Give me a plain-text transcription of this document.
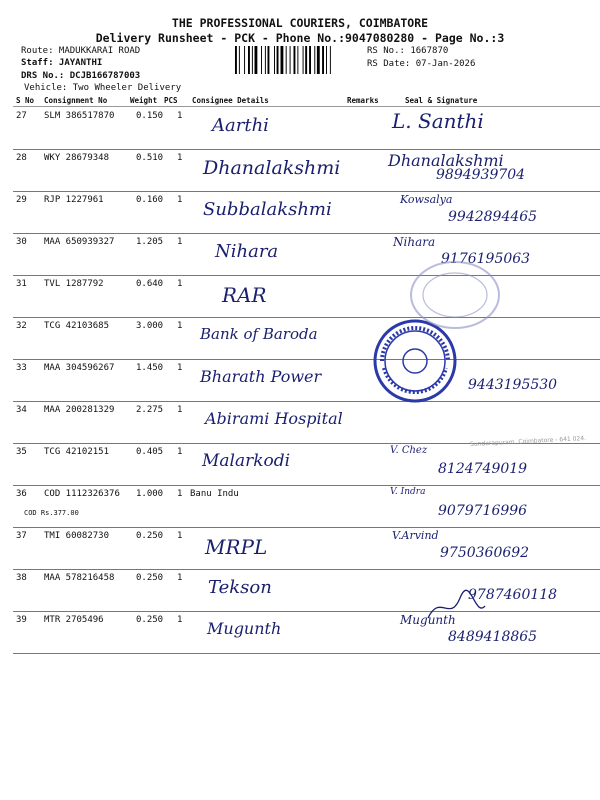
THE PROFESSIONAL COURIERS, COIMBATORE
Delivery Runsheet - PCK - Phone No.:9047080280 - Page No.:3
Route: MADUKKARAI ROAD
Staff: JAYANTHI
DRS No.: DCJB166787003
Vehicle: Two Wheeler Delivery
RS No.: 1667870
RS Date: 07-Jan-2026
S No Consignment No	Weight PCS Consignee Details	Remarks	Seal & Signature
27 SLM 386517870 0.150 1 Aarthi	L. Santhi
28 WKY 28679348	0.510 1 Dhanalakshmi	Dhanalakshmi
9894939704
29 RJP 1227961	0.160 1 Subbalakshmi	Kowsalya
9942894465
30 MAA 650939327 1.205 1 Nihara	Nihara
9176195063
31 TVL 1287792	0.640 1 RAR
32 TCG 42103685	3.000 1 Bank of Baroda
33 MAA 304596267 1.450 1 Bharath Power	9443195530
34 MAA 200281329 2.275 1 Abirami Hospital
35 TCG 42102151	0.405 1 Malarkodi
V. Chez
8124749019
36 COD 1112326376 1.000 1 Banu Indu
COD Rs.377.00
V. Indra
9079716996
37 TMI 60082730	0.250 1 MRPL	V.Arvind
9750360692
38 MAA 578216458 0.250 1 Tekson	9787460118
39 MTR 2705496	0.250 1 Mugunth	Mugunth
8489418865
Sundarapuram, Coimbatore - 641 024.
